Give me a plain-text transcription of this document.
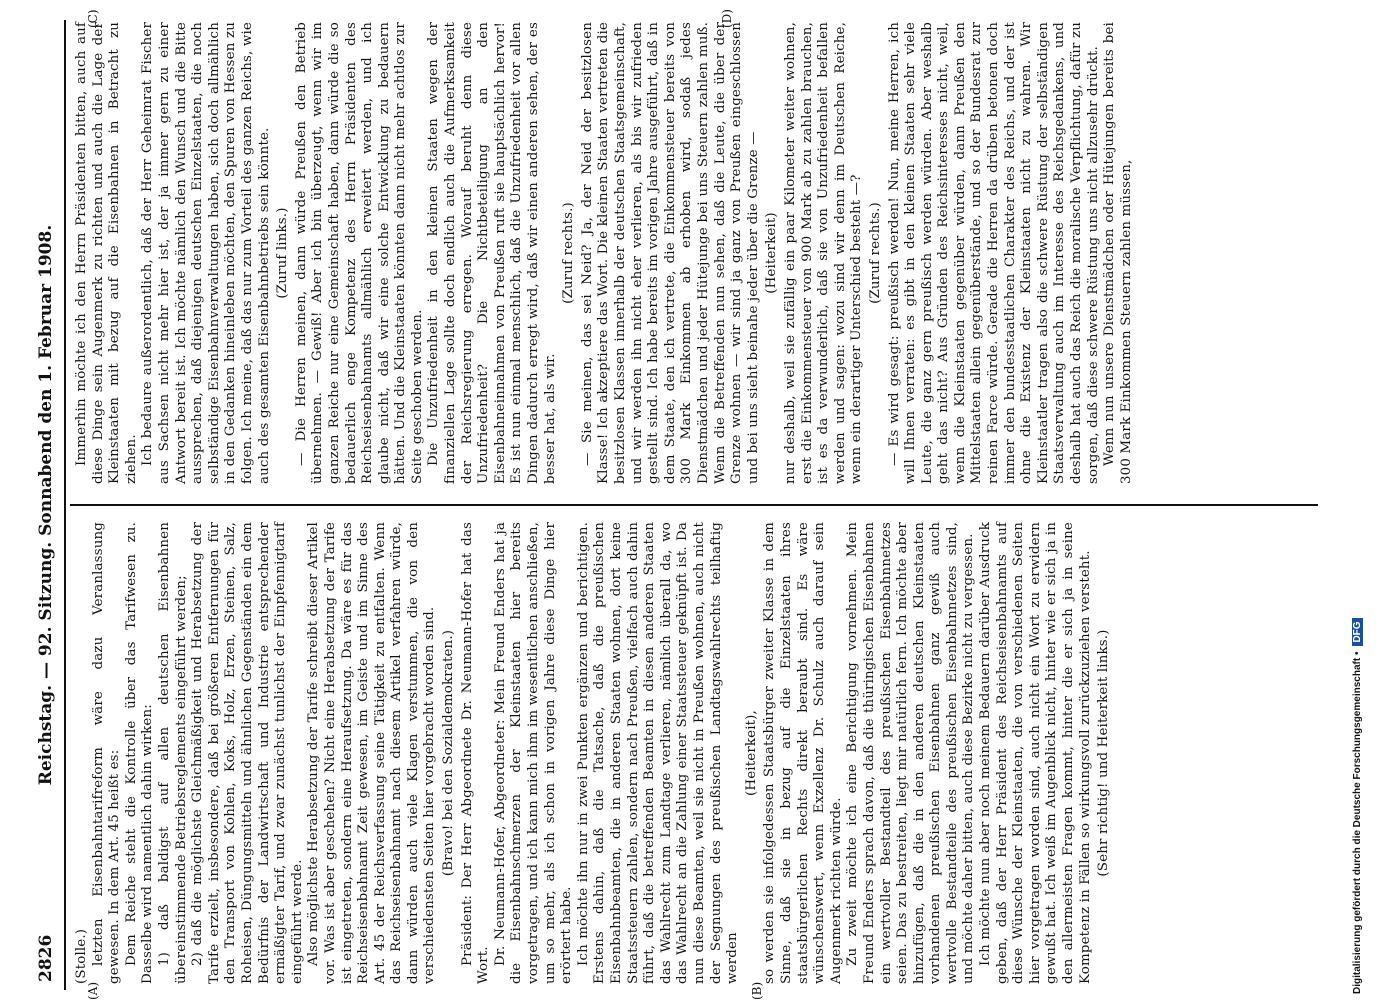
2826
Reichstag. — 92. Sitzung. Sonnabend den 1. Februar 1908.

(Stolle.) letzten Eisenbahntarifreform wäre dazu Veranlassung gewesen. In dem Art. 45 heißt es: Dem Reiche steht die Kontrolle über das Tarifwesen zu. Dasselbe wird namentlich dahin wirken: 1) daß baldigst auf allen deutschen Eisenbahnen übereinstimmende Betriebsreglements eingeführt werden; 2) daß die möglichste Gleichmäßigkeit und Herabsetzung der Tarife erzielt, insbesondere, daß bei größeren Entfernungen für den Transport von Kohlen, Koks, Holz, Erzen, Steinen, Salz, Roheisen, Düngungsmitteln und ähnlichen Gegenständen ein dem Bedürfnis der Landwirtschaft und Industrie entsprechender ermäßigter Tarif, und zwar zunächst tunlichst der Einpfennigtarif eingeführt werde. Also möglichste Herabsetzung der Tarife schreibt dieser Artikel vor. Was ist aber geschehen? Nicht eine Herabsetzung der Tarife ist eingetreten, sondern eine Heraufsetzung. Da wäre es für das Reichseisenbahnamt Zeit gewesen, im Geiste und im Sinne des Art. 45 der Reichsverfassung seine Tätigkeit zu entfalten. Wenn das Reichseisenbahnamt nach diesem Artikel verfahren würde, dann würden auch viele Klagen verstummen, die von den verschiedensten Seiten hier vorgebracht worden sind. (Bravo! bei den Sozialdemokraten.) Präsident: Der Herr Abgeordnete Dr. Neumann-Hofer hat das Wort. Dr. Neumann-Hofer, Abgeordneter: Mein Freund Enders hat ja die Eisenbahnschmerzen der Kleinstaaten hier bereits vorgetragen, und ich kann mich ihm im wesentlichen anschließen, um so mehr, als ich schon in vorigen Jahre diese Dinge hier erörtert habe. Ich möchte ihn nur in zwei Punkten ergänzen und berichtigen. Erstens dahin, daß die Tatsache, daß die preußischen Eisenbahnbeamten, die in anderen Staaten wohnen, dort keine Staatssteuern zahlen, sondern nach Preußen, vielfach auch dahin führt, daß die betreffenden Beamten in diesen anderen Staaten das Wahlrecht zum Landtage verlieren, nämlich überall da, wo das Wahlrecht an die Zahlung einer Staatssteuer geknüpft ist. Da nun diese Beamten, weil sie nicht in Preußen wohnen, auch nicht der Segnungen des preußischen Landtagswahlrechts teilhaftig werden

(Heiterkeit), so werden sie infolgedessen Staatsbürger zweiter Klasse in dem Sinne, daß sie in bezug auf die Einzelstaaten ihres staatsbürgerlichen Rechts direkt beraubt sind. Es wäre wünschenswert, wenn Exzellenz Dr. Schulz auch darauf sein Augenmerk richten würde. Zu zweit möchte ich eine Berichtigung vornehmen. Mein Freund Enders sprach davon, daß die thüringischen Eisenbahnen ein wertvoller Bestandteil des preußischen Eisenbahnnetzes seien. Das zu bestreiten, liegt mir natürlich fern. Ich möchte aber hinzufügen, daß die in den anderen deutschen Kleinstaaten vorhandenen preußischen Eisenbahnen ganz gewiß auch wertvolle Bestandteile des preußischen Eisenbahnnetzes sind, und möchte daher bitten, auch diese Bezirke nicht zu vergessen. Ich möchte nun aber noch meinem Bedauern darüber Ausdruck geben, daß der Herr Präsident des Reichseisenbahnamts auf diese Wünsche der Kleinstaaten, die von verschiedenen Seiten hier vorgetragen worden sind, auch nicht ein Wort zu erwidern gewußt hat. Ich weiß im Augenblick nicht, hinter wie er sich ja in den allermeisten Fragen kommt, hinter die er sich ja in seine Kompetenz in Fällen so wirkungsvoll zurückzuziehen versteht. (Sehr richtig! und Heiterkeit links.)

Immerhin möchte ich den Herrn Präsidenten bitten, auch auf diese Dinge sein Augenmerk zu richten und auch die Lage der Kleinstaaten mit bezug auf die Eisenbahnen in Betracht zu ziehen. Ich bedaure außerordentlich, daß der Herr Geheimrat Fischer aus Sachsen nicht mehr hier ist, der ja immer gern zu einer Antwort bereit ist. Ich möchte nämlich den Wunsch und die Bitte aussprechen, daß diejenigen deutschen Einzelstaaten, die noch selbständige Eisenbahnverwaltungen haben, sich doch allmählich in den Gedanken hineinleben möchten, den Spuren von Hessen zu folgen. Ich meine, daß das nur zum Vorteil des ganzen Reichs, wie auch des gesamten Eisenbahnbetriebs sein könnte. (Zuruf links.) — Die Herren meinen, dann würde Preußen den Betrieb übernehmen. — Gewiß! Aber ich bin überzeugt, wenn wir im ganzen Reiche nur eine Gemeinschaft haben, dann würde die so bedauerlich enge Kompetenz des Herrn Präsidenten des Reichseisenbahnamts allmählich erweitert werden, und ich glaube nicht, daß wir eine solche Entwicklung zu bedauern hätten. Und die Kleinstaaten könnten dann nicht mehr achtlos zur Seite geschoben werden. Die Unzufriedenheit in den kleinen Staaten wegen der finanziellen Lage sollte doch endlich auch die Aufmerksamkeit der Reichsregierung erregen. Worauf beruht denn diese Unzufriedenheit? Die Nichtbeteiligung an den Eisenbahneinnahmen von Preußen ruft sie hauptsächlich hervor! Es ist nun einmal menschlich, daß die Unzufriedenheit vor allen Dingen dadurch erregt wird, daß wir einen anderen sehen, der es besser hat, als wir.

(Zuruf rechts.) — Sie meinen, das sei Neid? Ja, der Neid der besitzlosen Klasse! Ich akzeptiere das Wort. Die kleinen Staaten vertreten die besitzlosen Klassen innerhalb der deutschen Staatsgemeinschaft, und wir werden ihn nicht eher verlieren, als bis wir zufrieden gestellt sind. Ich habe bereits im vorigen Jahre ausgeführt, daß in dem Staate, den ich vertrete, die Einkommensteuer bereits von 300 Mark Einkommen ab erhoben wird, sodaß jedes Dienstmädchen und jeder Hütejunge bei uns Steuern zahlen muß. Wenn die Betreffenden nun sehen, daß die Leute, die über der Grenze wohnen — wir sind ja ganz von Preußen eingeschlossen und bei uns sieht beinahe jeder über die Grenze — (Heiterkeit) nur deshalb, weil sie zufällig ein paar Kilometer weiter wohnen, erst die Einkommensteuer von 900 Mark ab zu zahlen brauchen, ist es da verwunderlich, daß sie von Unzufriedenheit befallen werden und sagen: wozu sind wir denn im Deutschen Reiche, wenn ein derartiger Unterschied besteht —? (Zuruf rechts.) — Es wird gesagt: preußisch werden! Nun, meine Herren, ich will Ihnen verraten: es gibt in den kleinen Staaten sehr viele Leute, die ganz gern preußisch werden würden. Aber weshalb geht das nicht? Aus Gründen des Reichsinteresses nicht, weil, wenn die Kleinstaaten gegenüber würden, dann Preußen den Mittelstaaten allein gegenüberstände, und so der Bundesrat zur reinen Farce würde. Gerade die Herren da drüben betonen doch immer den bundesstaatlichen Charakter des Reichs, und der ist ohne die Existenz der Kleinstaaten nicht zu wahren. Wir Kleinstaatler tragen also die schwere Rüstung der selbständigen Staatsverwaltung auch im Interesse des Reichsgedankens, und deshalb hat auch das Reich die moralische Verpflichtung, dafür zu sorgen, daß diese schwere Rüstung uns nicht allzusehr drückt. Wenn nun unsere Dienstmädchen oder Hütejungen bereits bei 300 Mark Einkommen Steuern zahlen müssen,

(A)	(B)
(C)	(D)
Digitalisierung gefördert durch die Deutsche Forschungsgemeinschaft •DFG
